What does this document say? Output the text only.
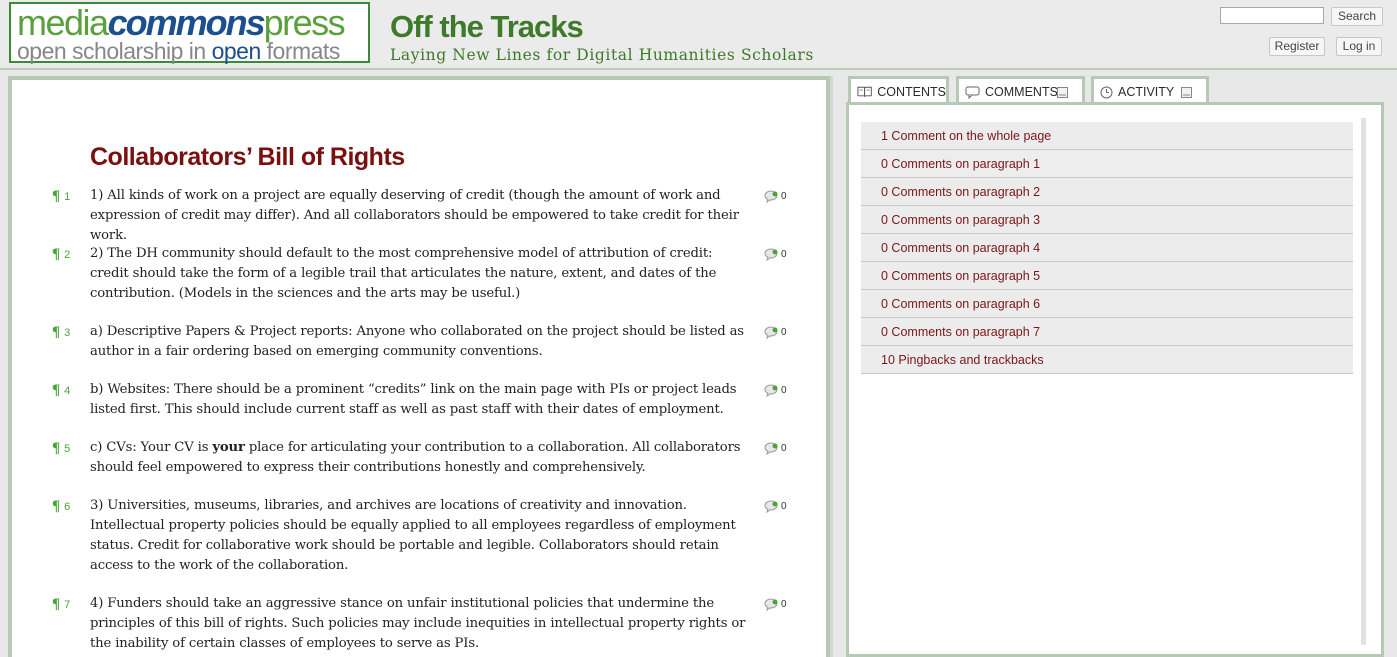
mediacommonspress
open scholarship in open formats
Off the Tracks
Laying New Lines for Digital Humanities Scholars
Search
Register	Log in
Collaborators’ Bill of Rights
¶ 1 1) All kinds of work on a project are equally deserving of credit (though the amount of work and expression of credit may differ). And all collaborators should be empowered to take credit for their work.

0
¶ 2 2) The DH community should default to the most comprehensive model of attribution of credit: credit should take the form of a legible trail that articulates the nature, extent, and dates of the contribution. (Models in the sciences and the arts may be useful.)

0
¶ 3 a) Descriptive Papers & Project reports: Anyone who collaborated on the project should be listed as author in a fair ordering based on emerging community conventions.

0
¶ 4 b) Websites: There should be a prominent “credits” link on the main page with PIs or project leads listed first. This should include current staff as well as past staff with their dates of employment.

0
¶ 5 c) CVs: Your CV is your place for articulating your contribution to a collaboration. All collaborators should feel empowered to express their contributions honestly and comprehensively.

0
¶ 6 3) Universities, museums, libraries, and archives are locations of creativity and innovation. Intellectual property policies should be equally applied to all employees regardless of employment status. Credit for collaborative work should be portable and legible. Collaborators should retain access to the work of the collaboration.

0
¶ 7 4) Funders should take an aggressive stance on unfair institutional policies that undermine the principles of this bill of rights. Such policies may include inequities in intellectual property rights or the inability of certain classes of employees to serve as PIs.

0
CONTENTS	COMMENTS	ACTIVITY
1 Comment on the whole page
0 Comments on paragraph 1
0 Comments on paragraph 2
0 Comments on paragraph 3
0 Comments on paragraph 4
0 Comments on paragraph 5
0 Comments on paragraph 6
0 Comments on paragraph 7
10 Pingbacks and trackbacks
